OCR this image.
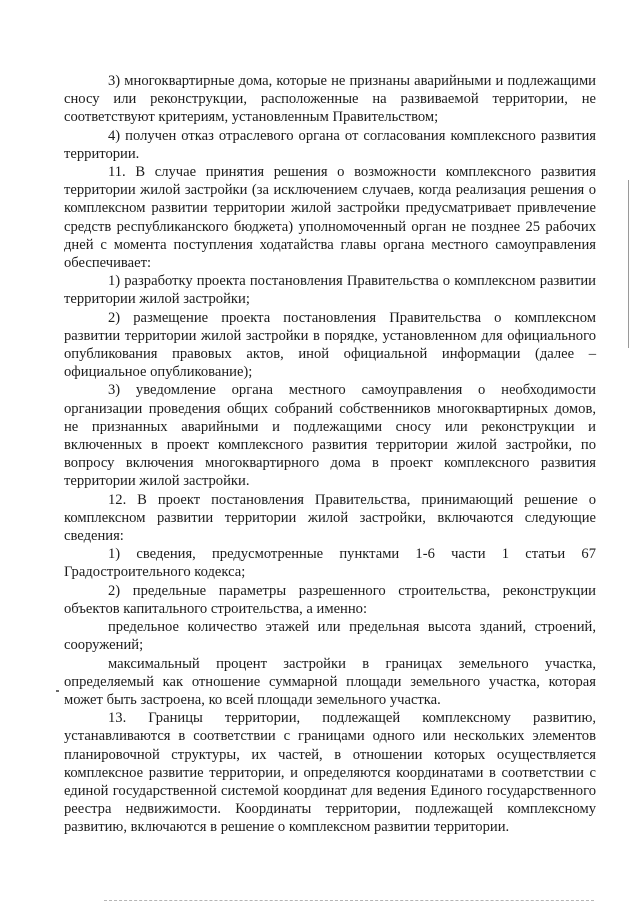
3) многоквартирные дома, которые не признаны аварийными и подлежащими сносу или реконструкции, расположенные на развиваемой территории, не соответствуют критериям, установленным Правительством;

4) получен отказ отраслевого органа от согласования комплексного развития территории.

11. В случае принятия решения о возможности комплексного развития территории жилой застройки (за исключением случаев, когда реализация решения о комплексном развитии территории жилой застройки предусматривает привлечение средств республиканского бюджета) уполномоченный орган не позднее 25 рабочих дней с момента поступления ходатайства главы органа местного самоуправления обеспечивает:

1) разработку проекта постановления Правительства о комплексном развитии территории жилой застройки;

2) размещение проекта постановления Правительства о комплексном развитии территории жилой застройки в порядке, установленном для официального опубликования правовых актов, иной официальной информации (далее – официальное опубликование);

3) уведомление органа местного самоуправления о необходимости организации проведения общих собраний собственников многоквартирных домов, не признанных аварийными и подлежащими сносу или реконструкции и включенных в проект комплексного развития территории жилой застройки, по вопросу включения многоквартирного дома в проект комплексного развития территории жилой застройки.

12. В проект постановления Правительства, принимающий решение о комплексном развитии территории жилой застройки, включаются следующие сведения:

1) сведения, предусмотренные пунктами 1-6 части 1 статьи 67 Градостроительного кодекса;

2) предельные параметры разрешенного строительства, реконструкции объектов капитального строительства, а именно:

предельное количество этажей или предельная высота зданий, строений, сооружений;

максимальный процент застройки в границах земельного участка, определяемый как отношение суммарной площади земельного участка, которая может быть застроена, ко всей площади земельного участка.

13. Границы территории, подлежащей комплексному развитию, устанавливаются в соответствии с границами одного или нескольких элементов планировочной структуры, их частей, в отношении которых осуществляется комплексное развитие территории, и определяются координатами в соответствии с единой государственной системой координат для ведения Единого государственного реестра недвижимости. Координаты территории, подлежащей комплексному развитию, включаются в решение о комплексном развитии территории.
